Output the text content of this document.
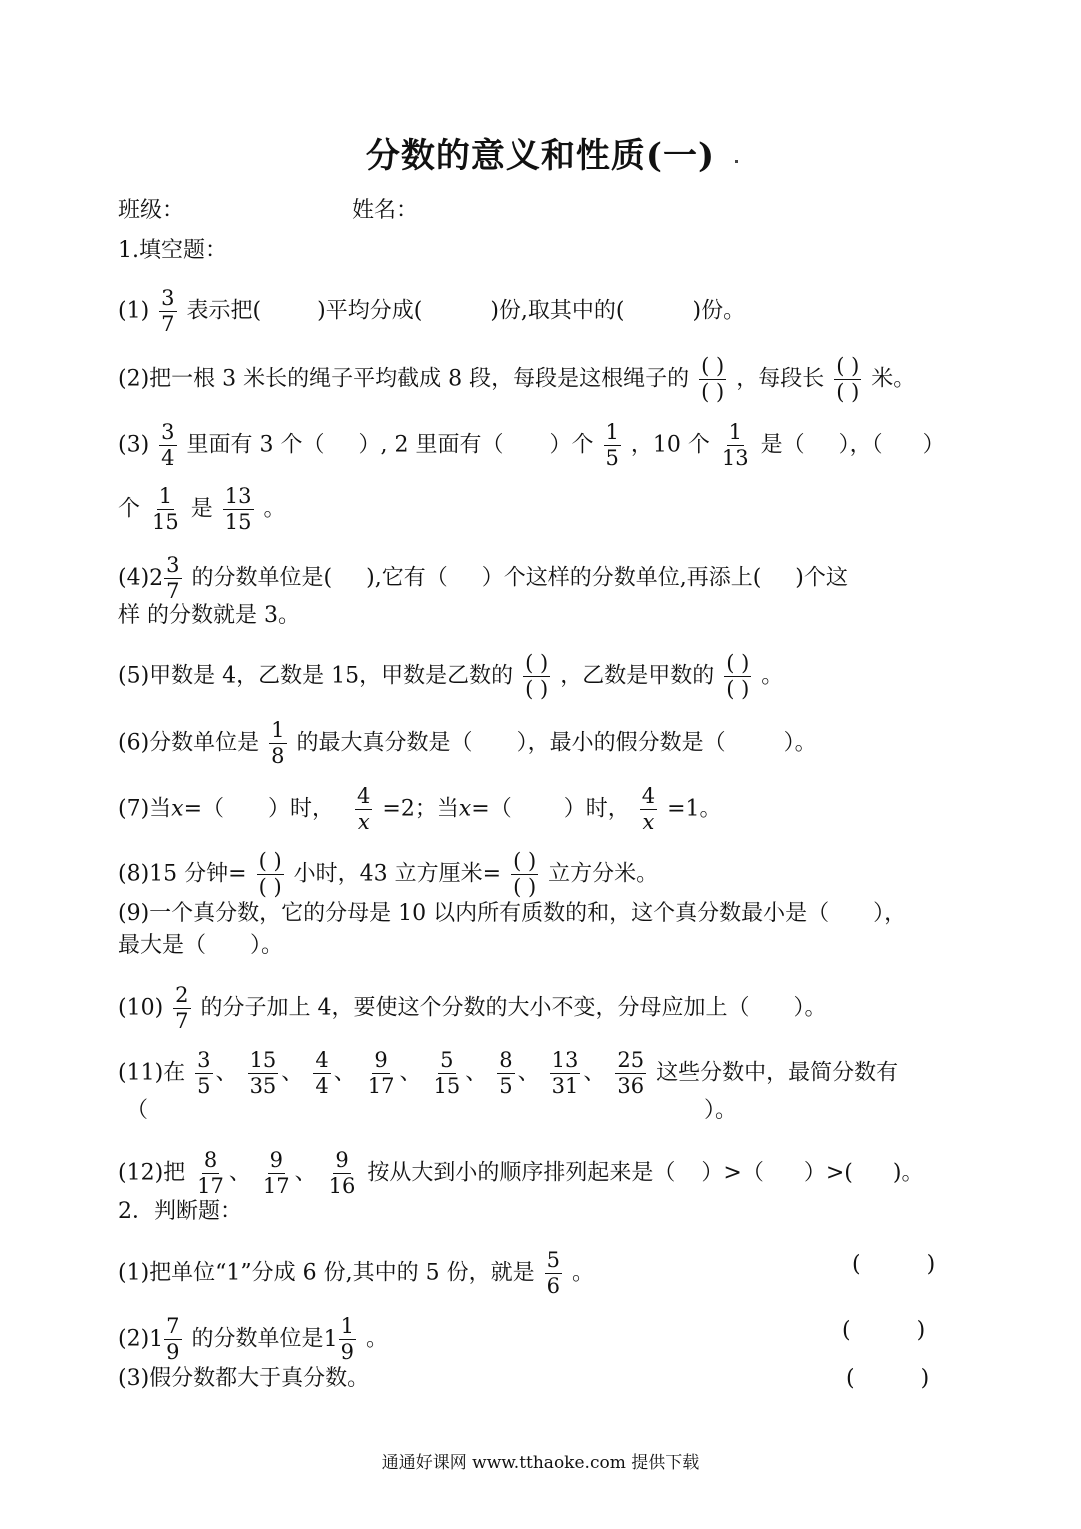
分数的意义和性质(一)
班级：	姓名：
1.填空题：
$(1) \frac{3}{7}$ 表示把(	)平均分成(	)份,取其中的(	)份。
(2)把一根 3 米长的绳子平均截成 8 段，每段是这根绳子的 $\frac{( )}{( )}$ ，每段长 $\frac{( )}{( )}$ 米。
$(3) \frac{3}{4}$ 里面有 3 个（ ）, 2 里面有（ ）个 $\frac{1}{5}$ ，10 个 $\frac{1}{13}$ 是（ ），（ ）
个 $\frac{1}{15}$ 是 $\frac{13}{15}$ 。
(4) $2 \frac{3}{7}$ 的分数单位是( ),它有（ ）个这样的分数单位,再添上( )个这
样 的分数就是 3。
(5)甲数是 4，乙数是 15，甲数是乙数的 $\frac{( )}{( )}$ ，乙数是甲数的 $\frac{( )}{( )}$ 。
(6)分数单位是 $\frac{1}{8}$ 的最大真分数是（ ），最小的假分数是（	）。
(7)当x=（ ）时， $\frac{4}{x} =2$；当x=（ ）时， $\frac{4}{x} =1$。
(8)15 分钟= $\frac{( )}{( )}$ 小时，43 立方厘米= $\frac{( )}{( )}$ 立方分米。
(9)一个真分数，它的分母是 10 以内所有质数的和，这个真分数最小是（ ），
最大是（ ）。
$(10) \frac{2}{7}$ 的分子加上 4，要使这个分数的大小不变，分母应加上（ ）。
(11)在 $\frac{3}{5}$ 、 $\frac{15}{35}$ 、 $\frac{4}{4}$ 、 $\frac{9}{17}$ 、 $\frac{5}{15}$ 、 $\frac{8}{5}$ 、 $\frac{13}{31}$ 、 $\frac{25}{36}$ 这些分数中，最简分数有
（	）。
(12)把 $\frac{8}{17}$ 、 $\frac{9}{17}$ 、 $\frac{9}{16}$ 按从大到小的顺序排列起来是（ ）>（ ）>( )。
2．判断题：
(1)把单位“1”分成 6 份,其中的 5 份，就是 $\frac{5}{6}$ 。	(　　　)
(2) $1 \frac{7}{9}$ 的分数单位是 $1 \frac{1}{9}$ 。	(　　　)
(3)假分数都大于真分数。	(　　　)
通通好课网 www.tthaoke.com 提供下载
